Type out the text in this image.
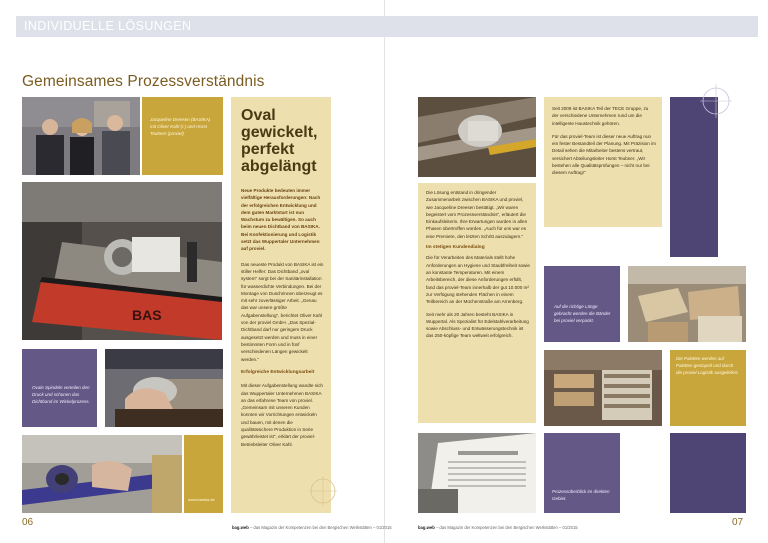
INDIVIDUELLE LÖSUNGEN
Gemeinsames Prozessverständnis
Jacqueline Dreesen (BASIKA) mit Oliver Kahl (r.) und Horst Teubner (proviel)
BAS
Ovale Spindeln verteilen den Druck und schonen das Dichtband im Wickelprozess.
www.basika.de
Oval
gewickelt,
perfekt
abgelängt
Neue Produkte bedeuten immer vielfältige Herausforderungen: Nach der erfolgreichen Entwicklung und dem guten Marktstart ist nun Wachstum zu bewältigen. So auch beim neuen Dichtband von BASIKA. Bei Konfektionierung und Logistik setzt das Wuppertaler Unternehmen auf proviel.
Das neueste Produkt von BASIKA ist ein stiller Helfer: Das Dichtband „oval system" sorgt bei der Sanitärinstallation für wasserdichte Verbindungen. Bei der Montage von Duschrinnen überzeugt es mit sehr zuverlässiger Arbeit. „Genau das war unsere größte Aufgabenstellung", berichtet Oliver Kahl von der proviel GmbH. „Das Spezial-Dichtband darf nur geringem Druck ausgesetzt werden und muss in einer bestimmten Form und in fünf verschiedenen Längen gewickelt werden."
Erfolgreiche Entwicklungsarbeit
Mit dieser Aufgabenstellung wandte sich das Wuppertaler Unternehmen BASIKA an das erfahrene Team von proviel. „Gemeinsam mit unseren Kunden konnten wir Vorrichtungen entwickeln und bauen, mit denen die qualitätssichere Produktion in Serie gewährleistet ist", erklärt der proviel-Betriebsleiter Oliver Kahl.
06	bag.web – das Magazin der Kompetenzen bei den Bergischen Werkstätten – 01/2015
Seit 2009 ist BASIKA Teil der TECE Gruppe, zu der verschiedene Unternehmen rund um die intelligente Haustechnik gehören.
Für das proviel-Team ist dieser neue Auftrag nun ein fester Bestandteil der Planung. Mit Präzision im Detail sehen die Mitarbeiter bestens vertraut, versichert Abteilungsleiter Horst Teubner. „Wir bestehen alle Qualitätsprüfungen – nicht nur bei diesem Auftrag!"
Die Lösung entstand in dringender Zusammenarbeit zwischen BASIKA und proviel, wie Jacqueline Dreesen bestätigt. „Wir waren begeistert vom Prozessverständnis", erläutert die Einkaufsleiterin. Ihre Erwartungen wurden in allen Phasen übertroffen worden. „Auch für uns war es eine Premiere, den letzten Schritt auszulagern."
Im stetigen Kundendialog
Die für Verarbeiten des Materials stellt hohe Anforderungen an Hygiene und Staubfreiheit sowie an konstante Temperaturen. Mit einem Arbeitsbereich, der diese Anforderungen erfüllt, fand das proviel-Team innerhalb der gut 10.000 m² zur Verfügung stehenden Flächen in einem Teilbereich an der Müchenstraße am Arrenberg.
Seit mehr als 20 Jahren besteht BASIKA in Wuppertal. Als Spezialist für Edelstahlverarbeitung sowie Abschluss- und Entwässerungstechnik ist das 250-köpfige Team weltweit erfolgreich.
Auf die richtige Länge gebracht werden die Bänder bei proviel verpackt.
Die Paletten werden auf Paletten gestapelt und durch die proviel Logistik ausgeliefert.
Prozessüberblick im direkten Gebiet.
bag.web – das Magazin der Kompetenzen bei den Bergischen Werkstätten – 01/2015	07
